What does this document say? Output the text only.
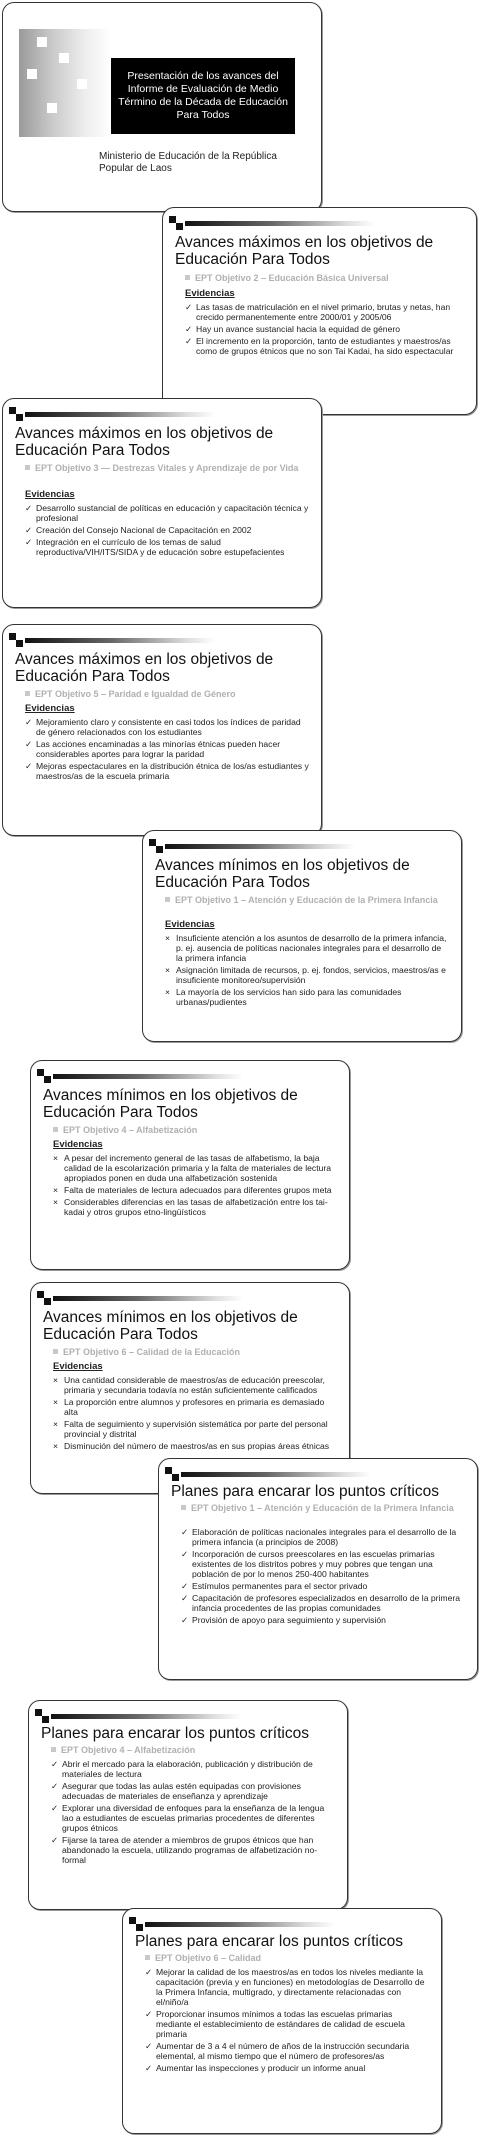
Presentación de los avances del Informe de Evaluación de Medio Término de la Década de Educación Para Todos
Ministerio de Educación de la República Popular de Laos
Avances máximos en los objetivos de Educación Para Todos
EPT Objetivo 2 – Educación Básica Universal
Evidencias
✓ Las tasas de matriculación en el nivel primario, brutas y netas, han crecido permanentemente entre 2000/01 y 2005/06
✓ Hay un avance sustancial hacia la equidad de género
✓ El incremento en la proporción, tanto de estudiantes y maestros/as como de grupos étnicos que no son Tai Kadai, ha sido espectacular
Avances máximos en los objetivos de Educación Para Todos
EPT Objetivo 3 — Destrezas Vitales y Aprendizaje de por Vida
Evidencias
✓ Desarrollo sustancial de políticas en educación y capacitación técnica y profesional
✓ Creación del Consejo Nacional de Capacitación en 2002
✓ Integración en el currículo de los temas de salud reproductiva/VIH/ITS/SIDA y de educación sobre estupefacientes
Avances máximos en los objetivos de Educación Para Todos
EPT Objetivo 5 – Paridad e Igualdad de Género
Evidencias
✓ Mejoramiento claro y consistente en casi todos los índices de paridad de género relacionados con los estudiantes
✓ Las acciones encaminadas a las minorías étnicas pueden hacer considerables aportes para lograr la paridad
✓ Mejoras espectaculares en la distribución étnica de los/as estudiantes y maestros/as de la escuela primaria
Avances mínimos en los objetivos de Educación Para Todos
EPT Objetivo 1 – Atención y Educación de la Primera Infancia
Evidencias
× Insuficiente atención a los asuntos de desarrollo de la primera infancia, p. ej. ausencia de políticas nacionales integrales para el desarrollo de la primera infancia
× Asignación limitada de recursos, p. ej. fondos, servicios, maestros/as e insuficiente monitoreo/supervisión
× La mayoría de los servicios han sido para las comunidades urbanas/pudientes
Avances mínimos en los objetivos de Educación Para Todos
EPT Objetivo 4 – Alfabetización
Evidencias
× A pesar del incremento general de las tasas de alfabetismo, la baja calidad de la escolarización primaria y la falta de materiales de lectura apropiados ponen en duda una alfabetización sostenida
× Falta de materiales de lectura adecuados para diferentes grupos meta
× Considerables diferencias en las tasas de alfabetización entre los tai-kadai y otros grupos etno-lingüísticos
Avances mínimos en los objetivos de Educación Para Todos
EPT Objetivo 6 – Calidad de la Educación
Evidencias
× Una cantidad considerable de maestros/as de educación preescolar, primaria y secundaria todavía no están suficientemente calificados
× La proporción entre alumnos y profesores en primaria es demasiado alta
× Falta de seguimiento y supervisión sistemática por parte del personal provincial y distrital
× Disminución del número de maestros/as en sus propias áreas étnicas
Planes para encarar los puntos críticos
EPT Objetivo 1 – Atención y Educación de la Primera Infancia
✓ Elaboración de políticas nacionales integrales para el desarrollo de la primera infancia (a principios de 2008)
✓ Incorporación de cursos preescolares en las escuelas primarias existentes de los distritos pobres y muy pobres que tengan una población de por lo menos 250-400 habitantes
✓ Estímulos permanentes para el sector privado
✓ Capacitación de profesores especializados en desarrollo de la primera infancia procedentes de las propias comunidades
✓ Provisión de apoyo para seguimiento y supervisión
Planes para encarar los puntos críticos
EPT Objetivo 4 – Alfabetización
✓ Abrir el mercado para la elaboración, publicación y distribución de materiales de lectura
✓ Asegurar que todas las aulas estén equipadas con provisiones adecuadas de materiales de enseñanza y aprendizaje
✓ Explorar una diversidad de enfoques para la enseñanza de la lengua lao a estudiantes de escuelas primarias procedentes de diferentes grupos étnicos
✓ Fijarse la tarea de atender a miembros de grupos étnicos que han abandonado la escuela, utilizando programas de alfabetización no-formal
Planes para encarar los puntos críticos
EPT Objetivo 6 – Calidad
✓ Mejorar la calidad de los maestros/as en todos los niveles mediante la capacitación (previa y en funciones) en metodologías de Desarrollo de la Primera Infancia, multigrado, y directamente relacionadas con el/niño/a
✓ Proporcionar insumos mínimos a todas las escuelas primarias mediante el establecimiento de estándares de calidad de escuela primaria
✓ Aumentar de 3 a 4 el número de años de la instrucción secundaria elemental, al mismo tiempo que el número de profesores/as
✓ Aumentar las inspecciones y producir un informe anual
